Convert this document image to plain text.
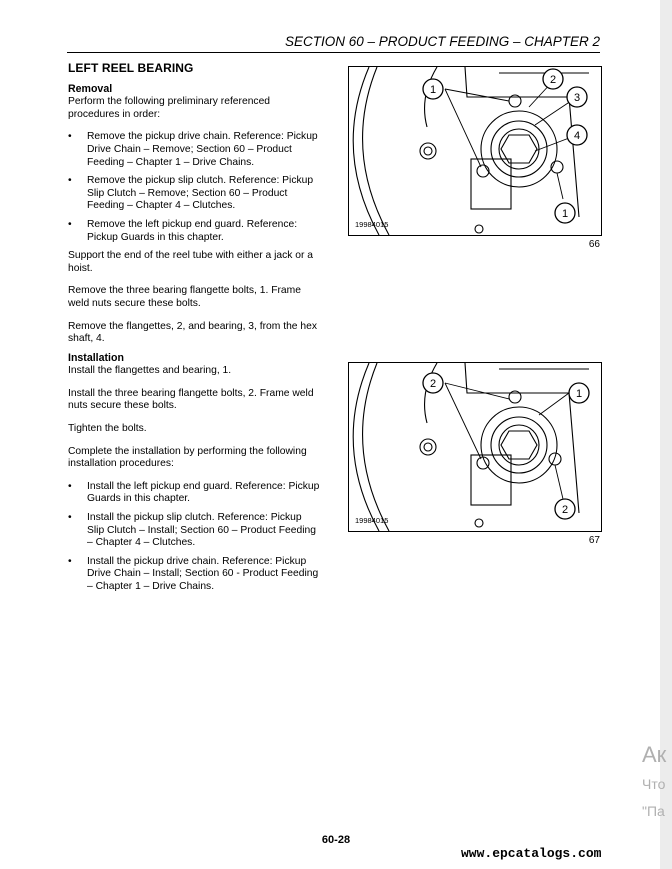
SECTION 60 – PRODUCT FEEDING – CHAPTER 2
LEFT REEL BEARING
Removal

Perform the following preliminary referenced procedures in order:

• Remove the pickup drive chain. Reference: Pickup Drive Chain – Remove; Section 60 – Product Feeding – Chapter 1 – Drive Chains.
• Remove the pickup slip clutch. Reference: Pickup Slip Clutch – Remove; Section 60 – Product Feeding – Chapter 4 – Clutches.
• Remove the left pickup end guard. Reference: Pickup Guards in this chapter.

Support the end of the reel tube with either a jack or a hoist.

Remove the three bearing flangette bolts, 1. Frame weld nuts secure these bolts.

Remove the flangettes, 2, and bearing, 3, from the hex shaft, 4.

Installation

Install the flangettes and bearing, 1.

Install the three bearing flangette bolts, 2. Frame weld nuts secure these bolts.

Tighten the bolts.

Complete the installation by performing the following installation procedures:

• Install the left pickup end guard. Reference: Pickup Guards in this chapter.
• Install the pickup slip clutch. Reference: Pickup Slip Clutch – Install; Section 60 – Product Feeding – Chapter 4 – Clutches.
• Install the pickup drive chain. Reference: Pickup Drive Chain – Install; Section 60 - Product Feeding – Chapter 1 – Drive Chains.
1
2
3
4
1
19984015
66
2
1
2
19984015
67
60-28
www.epcatalogs.com
Ак
Что
"Па
